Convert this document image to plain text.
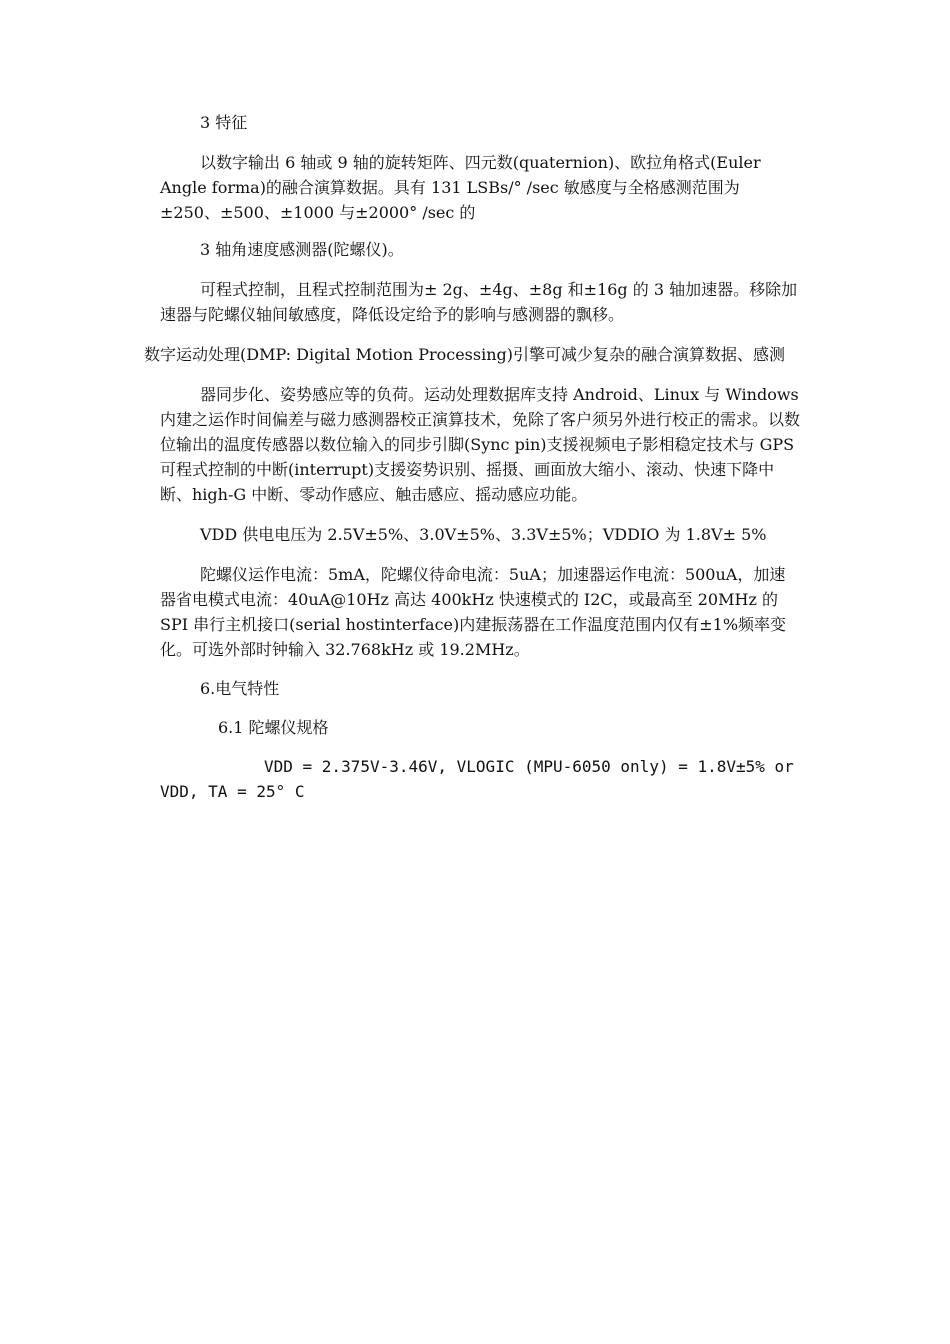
3 特征

以数字输出 6 轴或 9 轴的旋转矩阵、四元数(quaternion)、欧拉角格式(Euler Angle forma)的融合演算数据。具有 131 LSBs/° /sec 敏感度与全格感测范围为±250、±500、±1000 与±2000° /sec 的

3 轴角速度感测器(陀螺仪)。

可程式控制，且程式控制范围为± 2g、±4g、±8g 和±16g 的 3 轴加速器。移除加速器与陀螺仪轴间敏感度，降低设定给予的影响与感测器的飘移。

数字运动处理(DMP: Digital Motion Processing)引擎可减少复杂的融合演算数据、感测

器同步化、姿势感应等的负荷。运动处理数据库支持 Android、Linux 与 Windows 内建之运作时间偏差与磁力感测器校正演算技术，免除了客户须另外进行校正的需求。以数位输出的温度传感器以数位输入的同步引脚(Sync pin)支援视频电子影相稳定技术与 GPS 可程式控制的中断(interrupt)支援姿势识别、摇摄、画面放大缩小、滚动、快速下降中断、high-G 中断、零动作感应、触击感应、摇动感应功能。

VDD 供电电压为 2.5V±5%、3.0V±5%、3.3V±5%；VDDIO 为 1.8V± 5%

陀螺仪运作电流：5mA，陀螺仪待命电流：5uA；加速器运作电流：500uA，加速器省电模式电流：40uA@10Hz 高达 400kHz 快速模式的 I2C，或最高至 20MHz 的 SPI 串行主机接口(serial hostinterface)内建振荡器在工作温度范围内仅有±1%频率变化。可选外部时钟输入 32.768kHz 或 19.2MHz。

6.电气特性

6.1 陀螺仪规格

VDD = 2.375V-3.46V, VLOGIC (MPU-6050 only) = 1.8V±5% or VDD, TA = 25° C
